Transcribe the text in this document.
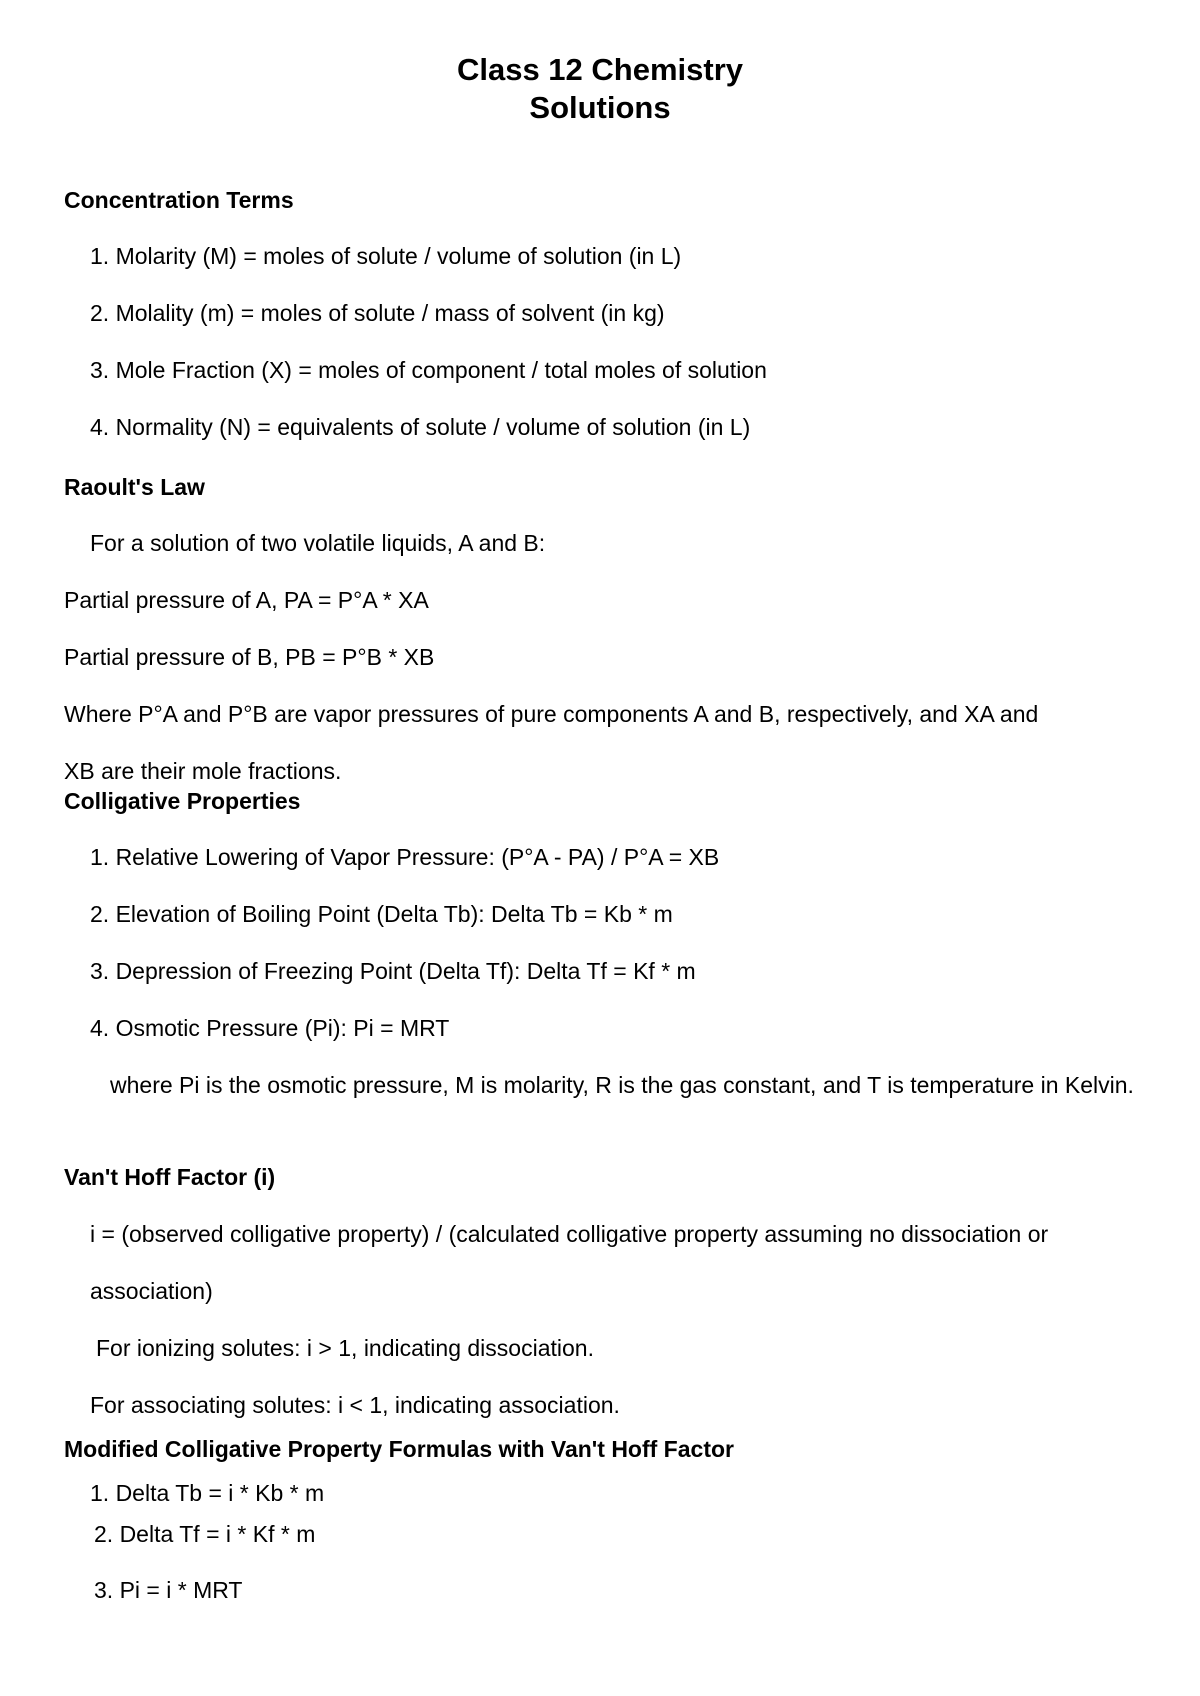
Class 12 Chemistry
Solutions
Concentration Terms
1. Molarity (M) = moles of solute / volume of solution (in L)
2. Molality (m) = moles of solute / mass of solvent (in kg)
3. Mole Fraction (X) = moles of component / total moles of solution
4. Normality (N) = equivalents of solute / volume of solution (in L)
Raoult's Law
For a solution of two volatile liquids, A and B:
Partial pressure of A, PA = P°A * XA
Partial pressure of B, PB = P°B * XB
Where P°A and P°B are vapor pressures of pure components A and B, respectively, and XA and
XB are their mole fractions.
Colligative Properties
1. Relative Lowering of Vapor Pressure: (P°A - PA) / P°A = XB
2. Elevation of Boiling Point (Delta Tb): Delta Tb = Kb * m
3. Depression of Freezing Point (Delta Tf): Delta Tf = Kf * m
4. Osmotic Pressure (Pi): Pi = MRT
where Pi is the osmotic pressure, M is molarity, R is the gas constant, and T is temperature in Kelvin.
Van't Hoff Factor (i)
i = (observed colligative property) / (calculated colligative property assuming no dissociation or
association)
For ionizing solutes: i > 1, indicating dissociation.
For associating solutes: i < 1, indicating association.
Modified Colligative Property Formulas with Van't Hoff Factor
1. Delta Tb = i * Kb * m
2. Delta Tf = i * Kf * m
3. Pi = i * MRT
